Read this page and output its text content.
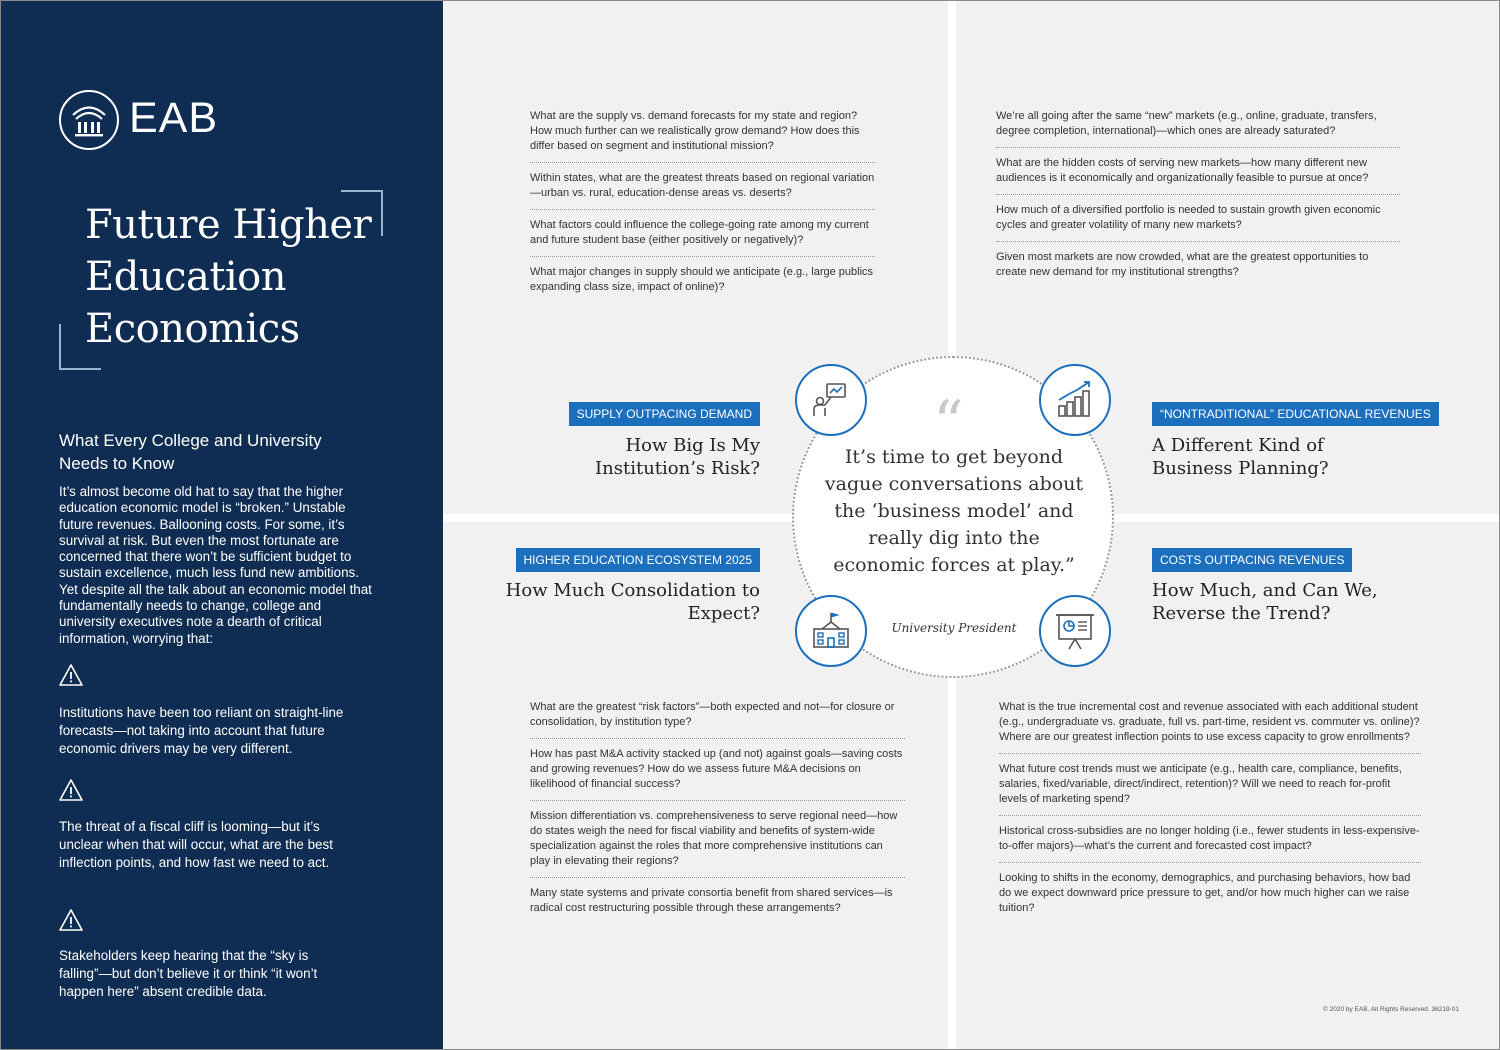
EAB
Future Higher Education Economics
What Every College and University Needs to Know
It’s almost become old hat to say that the higher education economic model is “broken.” Unstable future revenues. Ballooning costs. For some, it’s survival at risk. But even the most fortunate are concerned that there won’t be sufficient budget to sustain excellence, much less fund new ambitions. Yet despite all the talk about an economic model that fundamentally needs to change, college and university executives note a dearth of critical information, worrying that:
Institutions have been too reliant on straight-line forecasts—not taking into account that future economic drivers may be very different.
The threat of a fiscal cliff is looming—but it’s unclear when that will occur, what are the best inflection points, and how fast we need to act.
Stakeholders keep hearing that the “sky is falling”—but don’t believe it or think “it won’t happen here” absent credible data.
What are the supply vs. demand forecasts for my state and region? How much further can we realistically grow demand? How does this differ based on segment and institutional mission?
Within states, what are the greatest threats based on regional variation—urban vs. rural, education-dense areas vs. deserts?
What factors could influence the college-going rate among my current and future student base (either positively or negatively)?
What major changes in supply should we anticipate (e.g., large publics expanding class size, impact of online)?
We’re all going after the same “new” markets (e.g., online, graduate, transfers, degree completion, international)—which ones are already saturated?
What are the hidden costs of serving new markets—how many different new audiences is it economically and organizationally feasible to pursue at once?
How much of a diversified portfolio is needed to sustain growth given economic cycles and greater volatility of many new markets?
Given most markets are now crowded, what are the greatest opportunities to create new demand for my institutional strengths?
What are the greatest “risk factors”—both expected and not—for closure or consolidation, by institution type?
How has past M&A activity stacked up (and not) against goals—saving costs and growing revenues? How do we assess future M&A decisions on likelihood of financial success?
Mission differentiation vs. comprehensiveness to serve regional need—how do states weigh the need for fiscal viability and benefits of system-wide specialization against the roles that more comprehensive institutions can play in elevating their regions?
Many state systems and private consortia benefit from shared services—is radical cost restructuring possible through these arrangements?
What is the true incremental cost and revenue associated with each additional student (e.g., undergraduate vs. graduate, full vs. part-time, resident vs. commuter vs. online)? Where are our greatest inflection points to use excess capacity to grow enrollments?
What future cost trends must we anticipate (e.g., health care, compliance, benefits, salaries, fixed/variable, direct/indirect, retention)? Will we need to reach for-profit levels of marketing spend?
Historical cross-subsidies are no longer holding (i.e., fewer students in less-expensive-to-offer majors)—what’s the current and forecasted cost impact?
Looking to shifts in the economy, demographics, and purchasing behaviors, how bad do we expect downward price pressure to get, and/or how much higher can we raise tuition?
SUPPLY OUTPACING DEMAND
How Big Is My Institution’s Risk?
“NONTRADITIONAL” EDUCATIONAL REVENUES
A Different Kind of Business Planning?
HIGHER EDUCATION ECOSYSTEM 2025
How Much Consolidation to Expect?
COSTS OUTPACING REVENUES
How Much, and Can We, Reverse the Trend?
“
It’s time to get beyond vague conversations about the ‘business model’ and really dig into the economic forces at play.”
University President
© 2020 by EAB. All Rights Reserved. 36219-01
